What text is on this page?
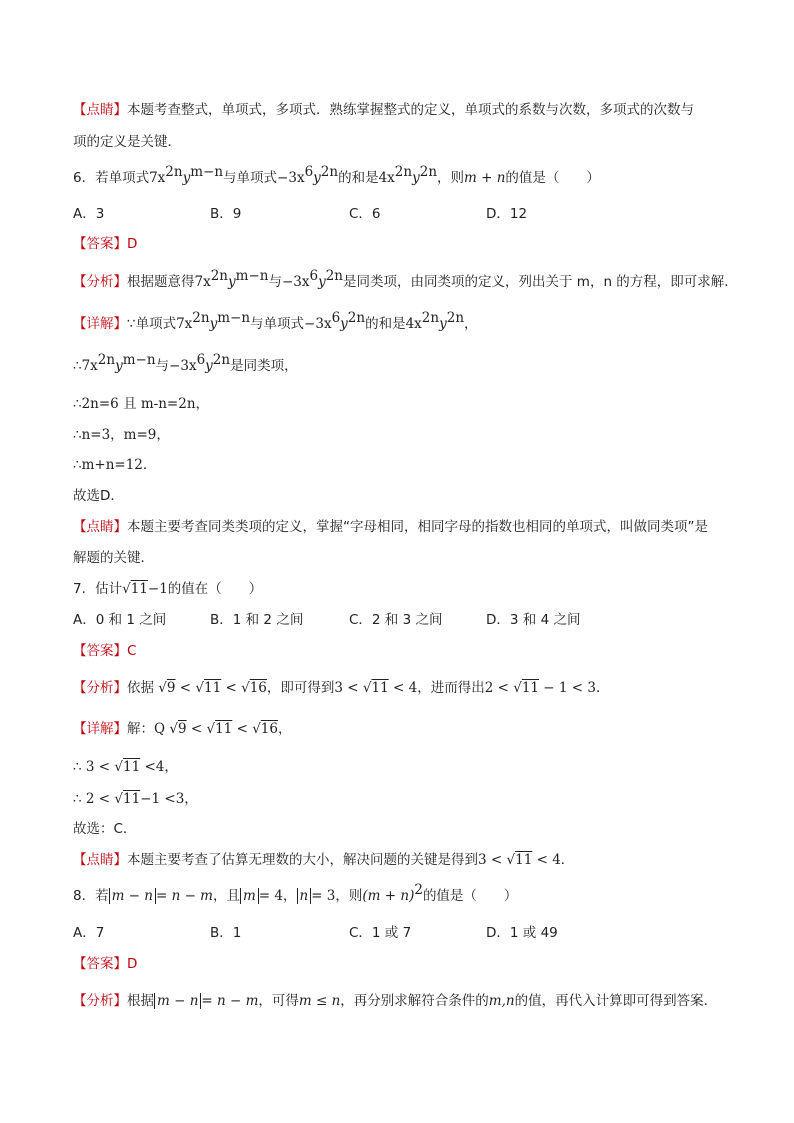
【点睛】本题考查整式，单项式，多项式．熟练掌握整式的定义，单项式的系数与次数，多项式的次数与
项的定义是关键．
6．若单项式$7x^{2n}y^{m-n}$与单项式$-3x^6y^{2n}$的和是$4x^{2n}y^{2n}$，则m + n的值是（　　）
A．3	B．9	C．6	D．12
【答案】D
【分析】根据题意得$7x^{2n}y^{m-n}$与$-3x^6y^{2n}$是同类项，由同类项的定义，列出关于 m，n 的方程，即可求解．
【详解】∵单项式$7x^{2n}y^{m-n}$与单项式$-3x^6y^{2n}$的和是$4x^{2n}y^{2n}$，
$\therefore 7x^{2n}y^{m-n}$与$-3x^6y^{2n}$是同类项，
∴2n=6 且 m-n=2n，
∴n=3，m=9，
∴m+n=12．
故选D．
【点睛】本题主要考查同类类项的定义，掌握“字母相同，相同字母的指数也相同的单项式，叫做同类项”是
解题的关键．
7．估计√11−1的值在（　　）
A．0 和 1 之间	B．1 和 2 之间	C．2 和 3 之间	D．3 和 4 之间
【答案】C
【分析】依据 √9 < √11 < √16，即可得到3 < √11 < 4，进而得出2 < √11 − 1 < 3．
【详解】解：Q √9 < √11 < √16，
∴ 3 < √11 <4，
∴ 2 < √11−1 <3，
故选：C．
【点睛】本题主要考查了估算无理数的大小，解决问题的关键是得到3 < √11 < 4．
8．若 m − n = n − m，且 m = 4， n = 3，则$(m + n)^2$的值是（　　）
A．7	B．1	C．1 或 7	D．1 或 49
【答案】D
【分析】根据 m − n = n − m，可得m ≤ n，再分别求解符合条件的m,n的值，再代入计算即可得到答案.
